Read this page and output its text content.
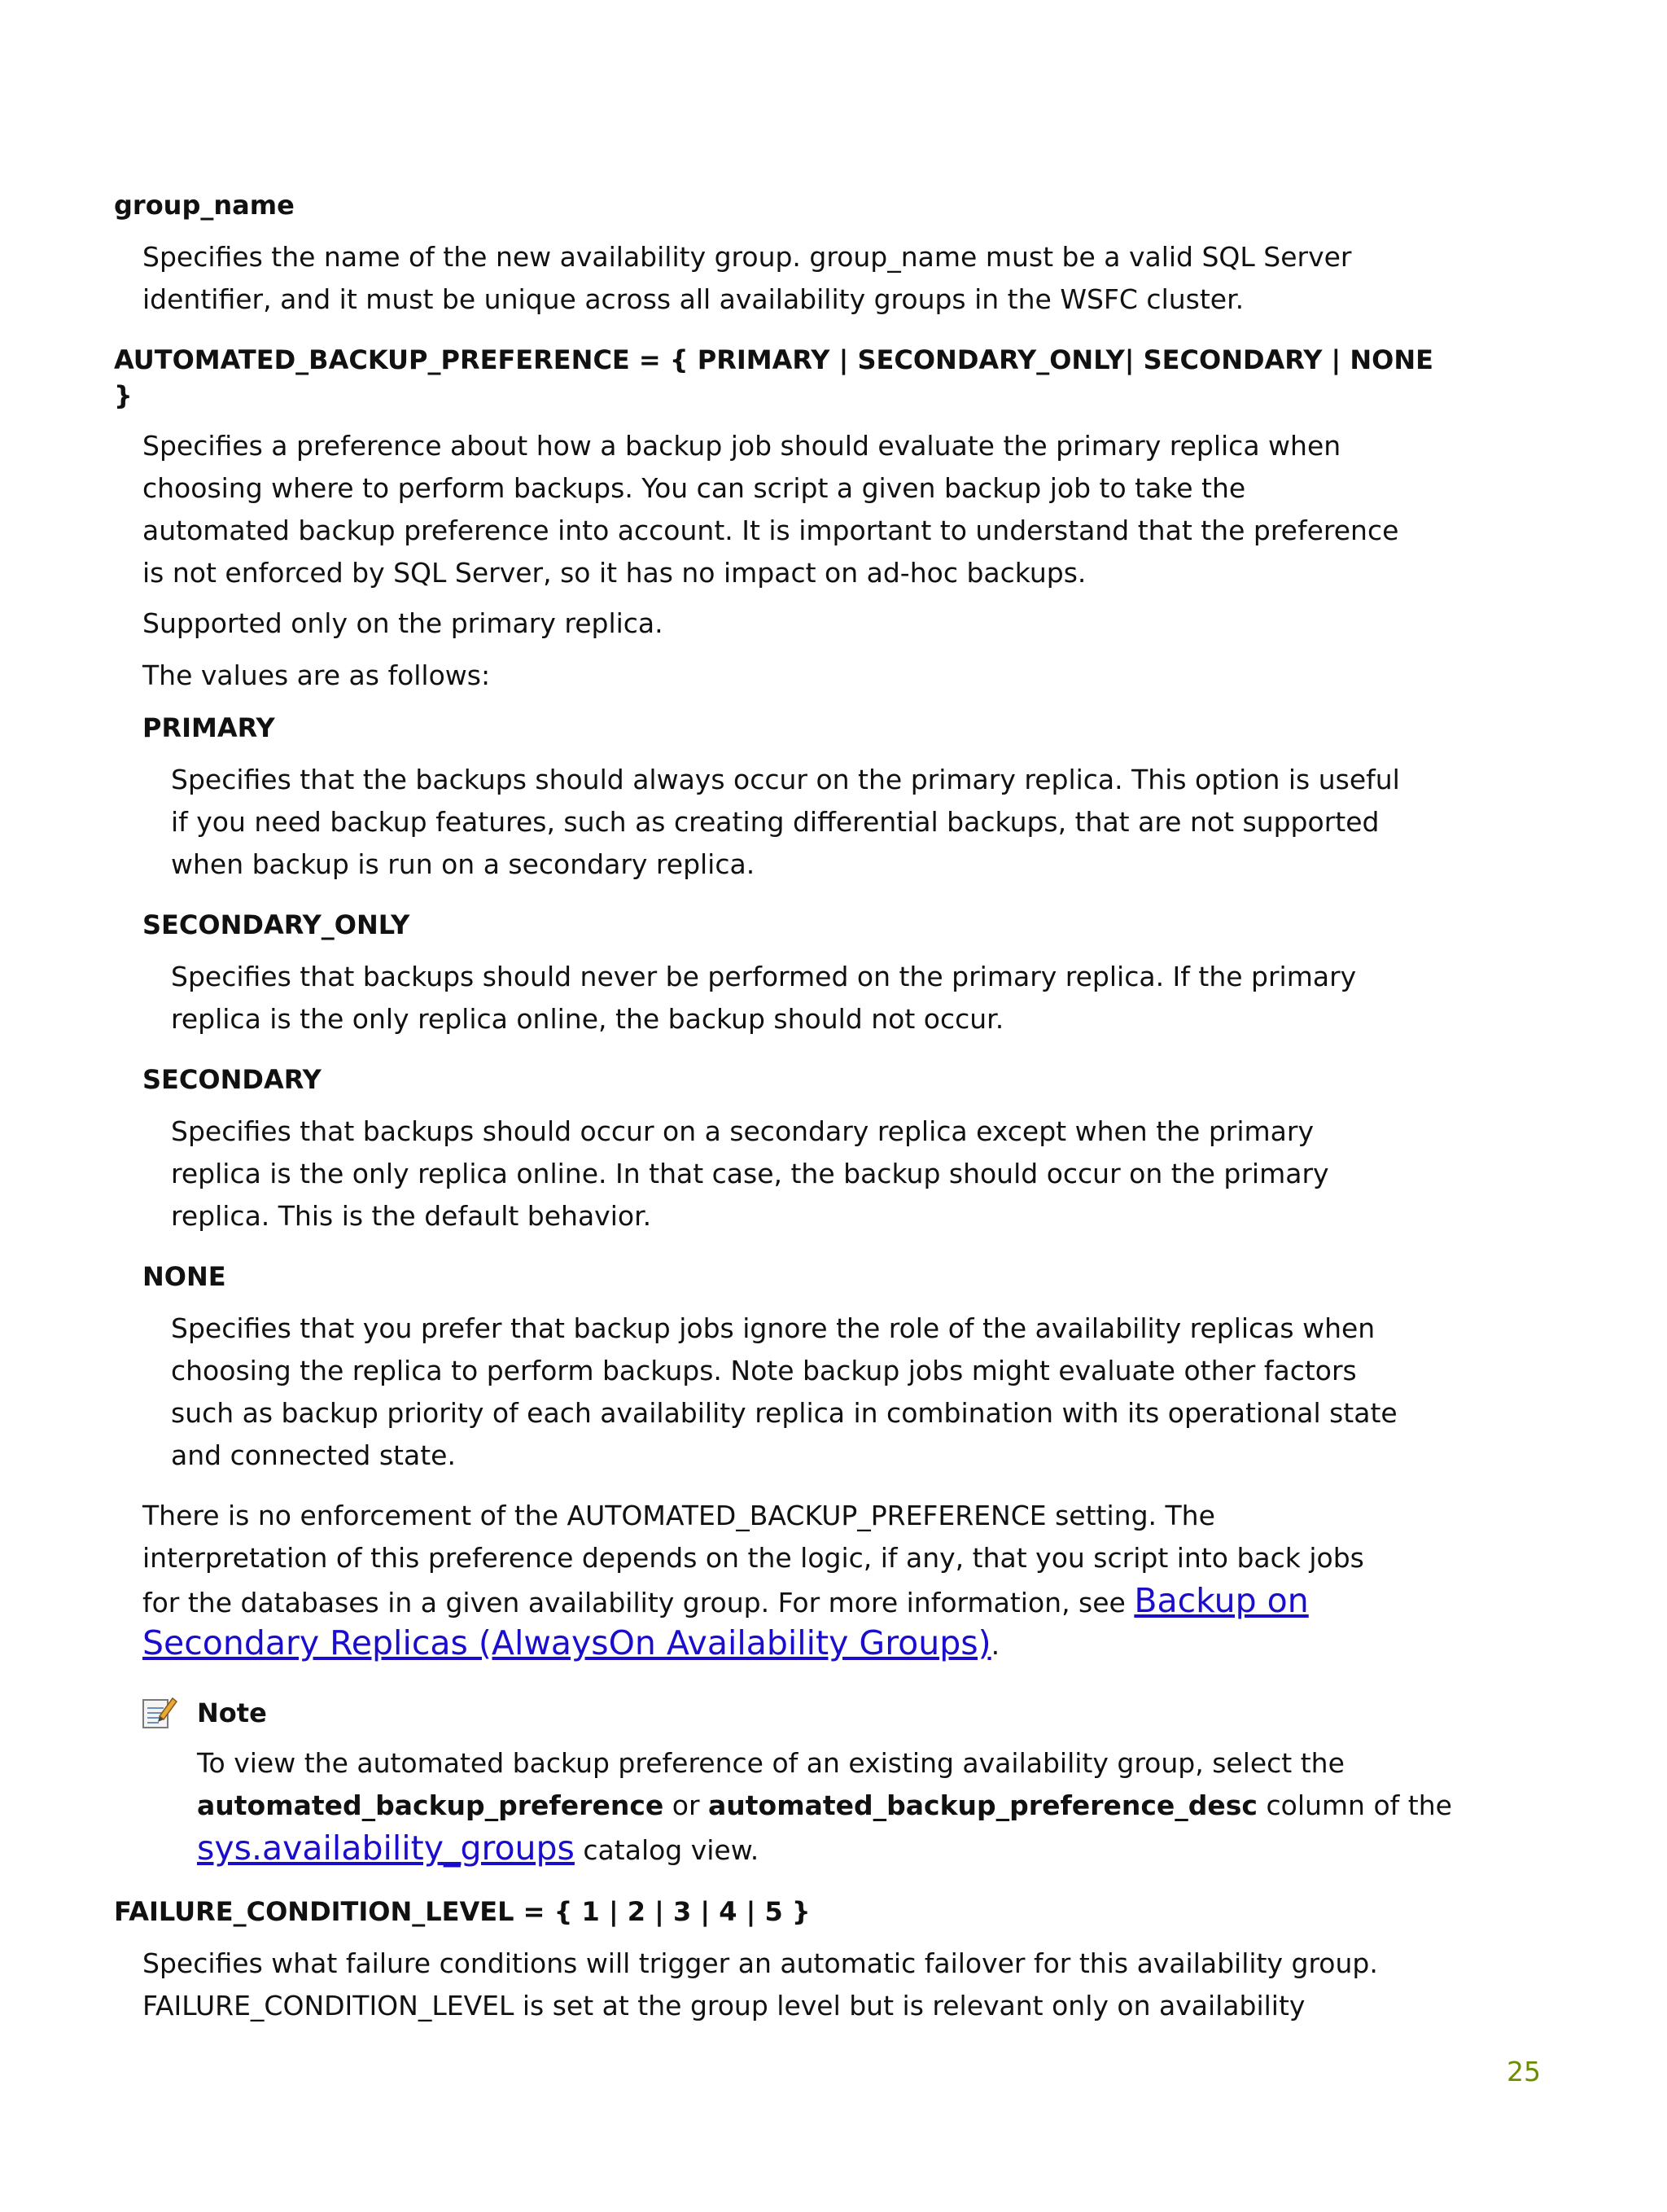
group_name

Specifies the name of the new availability group. group_name must be a valid SQL Server

identifier, and it must be unique across all availability groups in the WSFC cluster.

AUTOMATED_BACKUP_PREFERENCE = { PRIMARY | SECONDARY_ONLY| SECONDARY | NONE

}

Specifies a preference about how a backup job should evaluate the primary replica when

choosing where to perform backups. You can script a given backup job to take the

automated backup preference into account. It is important to understand that the preference

is not enforced by SQL Server, so it has no impact on ad-hoc backups.

Supported only on the primary replica.

The values are as follows:

PRIMARY

Specifies that the backups should always occur on the primary replica. This option is useful

if you need backup features, such as creating differential backups, that are not supported

when backup is run on a secondary replica.

SECONDARY_ONLY

Specifies that backups should never be performed on the primary replica. If the primary

replica is the only replica online, the backup should not occur.

SECONDARY

Specifies that backups should occur on a secondary replica except when the primary

replica is the only replica online. In that case, the backup should occur on the primary

replica. This is the default behavior.

NONE

Specifies that you prefer that backup jobs ignore the role of the availability replicas when

choosing the replica to perform backups. Note backup jobs might evaluate other factors

such as backup priority of each availability replica in combination with its operational state

and connected state.

There is no enforcement of the AUTOMATED_BACKUP_PREFERENCE setting. The

interpretation of this preference depends on the logic, if any, that you script into back jobs

for the databases in a given availability group. For more information, see Backup on

Secondary Replicas (AlwaysOn Availability Groups).

Note

To view the automated backup preference of an existing availability group, select the

automated_backup_preference or automated_backup_preference_desc column of the

sys.availability_groups catalog view.

FAILURE_CONDITION_LEVEL = { 1 | 2 | 3 | 4 | 5 }

Specifies what failure conditions will trigger an automatic failover for this availability group.

FAILURE_CONDITION_LEVEL is set at the group level but is relevant only on availability

25
